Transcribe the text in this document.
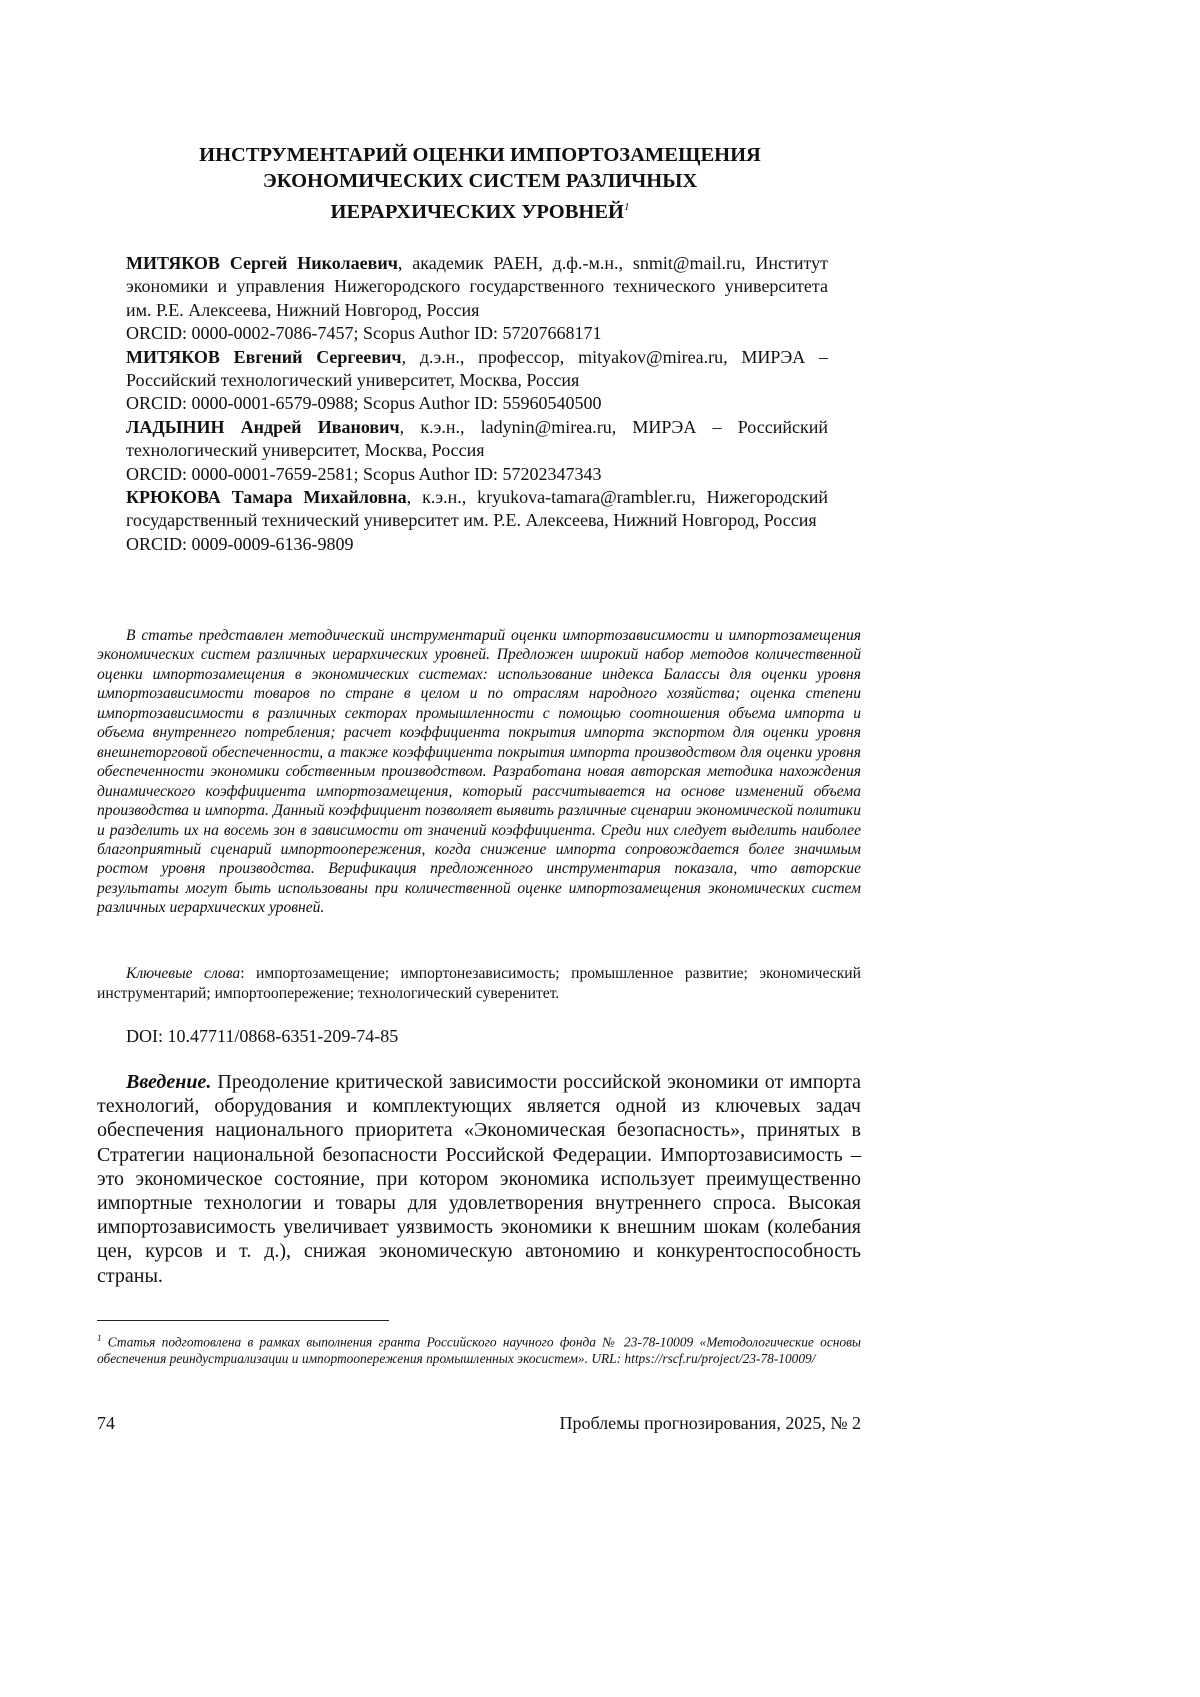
ИНСТРУМЕНТАРИЙ ОЦЕНКИ ИМПОРТОЗАМЕЩЕНИЯ
ЭКОНОМИЧЕСКИХ СИСТЕМ РАЗЛИЧНЫХ
ИЕРАРХИЧЕСКИХ УРОВНЕЙ$^1$

МИТЯКОВ Сергей Николаевич, академик РАЕН, д.ф.-м.н., snmit@mail.ru, Институт экономики и управления Нижегородского государственного технического университета им. Р.Е. Алексеева, Нижний Новгород, Россия

ORCID: 0000-0002-7086-7457; Scopus Author ID: 57207668171

МИТЯКОВ Евгений Сергеевич, д.э.н., профессор, mityakov@mirea.ru, МИРЭА – Российский технологический университет, Москва, Россия

ORCID: 0000-0001-6579-0988; Scopus Author ID: 55960540500

ЛАДЫНИН Андрей Иванович, к.э.н., ladynin@mirea.ru, МИРЭА – Российский технологический университет, Москва, Россия

ORCID: 0000-0001-7659-2581; Scopus Author ID: 57202347343

КРЮКОВА Тамара Михайловна, к.э.н., kryukova-tamara@rambler.ru, Нижегородский государственный технический университет им. Р.Е. Алексеева, Нижний Новгород, Россия

ORCID: 0009-0009-6136-9809

В статье представлен методический инструментарий оценки импортозависимости и импортозамещения экономических систем различных иерархических уровней. Предложен широкий набор методов количественной оценки импортозамещения в экономических системах: использование индекса Баласcы для оценки уровня импортозависимости товаров по стране в целом и по отраслям народного хозяйства; оценка степени импортозависимости в различных секторах промышленности с помощью соотношения объема импорта и объема внутреннего потребления; расчет коэффициента покрытия импорта экспортом для оценки уровня внешнеторговой обеспеченности, а также коэффициента покрытия импорта производством для оценки уровня обеспеченности экономики собственным производством. Разработана новая авторская методика нахождения динамического коэффициента импортозамещения, который рассчитывается на основе изменений объема производства и импорта. Данный коэффициент позволяет выявить различные сценарии экономической политики и разделить их на восемь зон в зависимости от значений коэффициента. Среди них следует выделить наиболее благоприятный сценарий импортоопережения, когда снижение импорта сопровождается более значимым ростом уровня производства. Верификация предложенного инструментария показала, что авторские результаты могут быть использованы при количественной оценке импортозамещения экономических систем различных иерархических уровней.

Ключевые слова: импортозамещение; импортонезависимость; промышленное развитие; экономический инструментарий; импортоопережение; технологический суверенитет.

DOI: 10.47711/0868-6351-209-74-85

Введение. Преодоление критической зависимости российской экономики от импорта технологий, оборудования и комплектующих является одной из ключевых задач обеспечения национального приоритета «Экономическая безопасность», принятых в Стратегии национальной безопасности Российской Федерации. Импортозависимость – это экономическое состояние, при котором экономика использует преимущественно импортные технологии и товары для удовлетворения внутреннего спроса. Высокая импортозависимость увеличивает уязвимость экономики к внешним шокам (колебания цен, курсов и т. д.), снижая экономическую автономию и конкурентоспособность страны.

$^1$ Статья подготовлена в рамках выполнения гранта Российского научного фонда № 23-78-10009 «Методологические основы обеспечения реиндустриализации и импортоопережения промышленных экосистем». URL: https://rscf.ru/project/23-78-10009/

74	Проблемы прогнозирования, 2025, № 2
